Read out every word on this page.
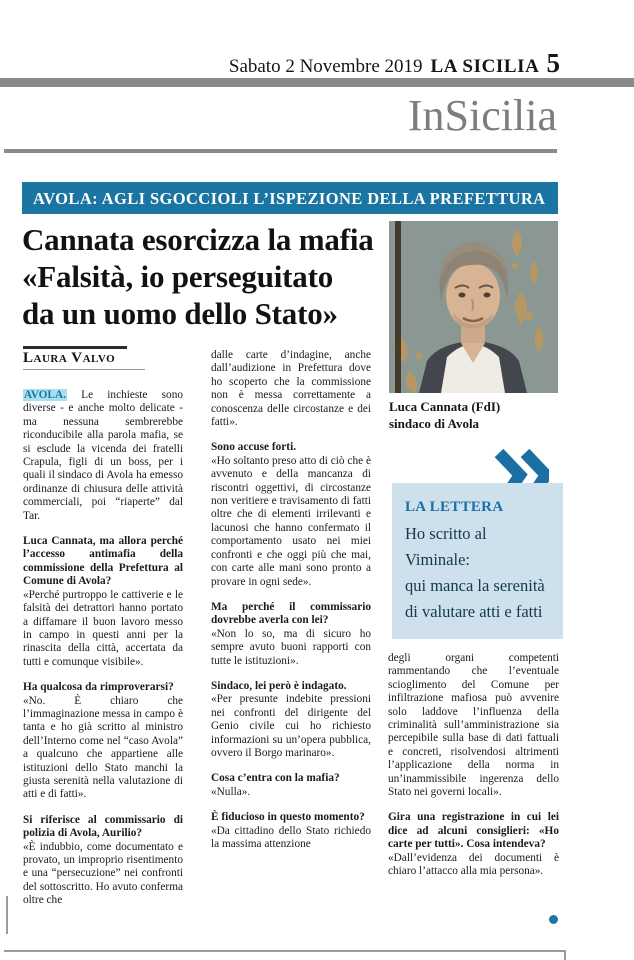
Sabato 2 Novembre 2019 LA SICILIA 5
InSicilia
AVOLA: AGLI SGOCCIOLI L’ISPEZIONE DELLA PREFETTURA
Cannata esorcizza la mafia
«Falsità, io perseguitato
da un uomo dello Stato»
Laura Valvo
Luca Cannata (FdI)
sindaco di Avola
LA LETTERA
Ho scritto al Viminale:
qui manca la serenità
di valutare atti e fatti

AVOLA. Le inchieste sono diverse - e anche molto delicate - ma nessuna sembrerebbe riconducibile alla parola mafia, se si esclude la vicenda dei fratelli Crapula, figli di un boss, per i quali il sindaco di Avola ha emesso ordinanze di chiusura delle attività commerciali, poi “riaperte” dal Tar.

Luca Cannata, ma allora perché l’accesso antimafia della commissione della Prefettura al Comune di Avola?

«Perché purtroppo le cattiverie e le falsità dei detrattori hanno portato a diffamare il buon lavoro messo in campo in questi anni per la rinascita della città, accertata da tutti e comunque visibile».

Ha qualcosa da rimproverarsi?

«No. È chiaro che l’immaginazione messa in campo è tanta e ho già scritto al ministro dell’Interno come nel “caso Avola” a qualcuno che appartiene alle istituzioni dello Stato manchi la giusta serenità nella valutazione di atti e di fatti».

Si riferisce al commissario di polizia di Avola, Aurilio?

«È indubbio, come documentato e provato, un improprio risentimento e una “persecuzione” nei confronti del sottoscritto. Ho avuto conferma oltre che

dalle carte d’indagine, anche dall’audizione in Prefettura dove ho scoperto che la commissione non è messa correttamente a conoscenza delle circostanze e dei fatti».

Sono accuse forti.

«Ho soltanto preso atto di ciò che è avvenuto e della mancanza di riscontri oggettivi, di circostanze non veritiere e travisamento di fatti oltre che di elementi irrilevanti e lacunosi che hanno confermato il comportamento usato nei miei confronti e che oggi più che mai, con carte alle mani sono pronto a provare in ogni sede».

Ma perché il commissario dovrebbe averla con lei?

«Non lo so, ma di sicuro ho sempre avuto buoni rapporti con tutte le istituzioni».

Sindaco, lei però è indagato.

«Per presunte indebite pressioni nei confronti del dirigente del Genio civile cui ho richiesto informazioni su un’opera pubblica, ovvero il Borgo marinaro».

Cosa c’entra con la mafia?

«Nulla».

È fiducioso in questo momento?

«Da cittadino dello Stato richiedo la massima attenzione

degli organi competenti rammentando che l’eventuale scioglimento del Comune per infiltrazione mafiosa può avvenire solo laddove l’influenza della criminalità sull’amministrazione sia percepibile sulla base di dati fattuali e concreti, risolvendosi altrimenti l’applicazione della norma in un’inammissibile ingerenza dello Stato nei governi locali».

Gira una registrazione in cui lei dice ad alcuni consiglieri: «Ho carte per tutti». Cosa intendeva?

«Dall’evidenza dei documenti è chiaro l’attacco alla mia persona».
